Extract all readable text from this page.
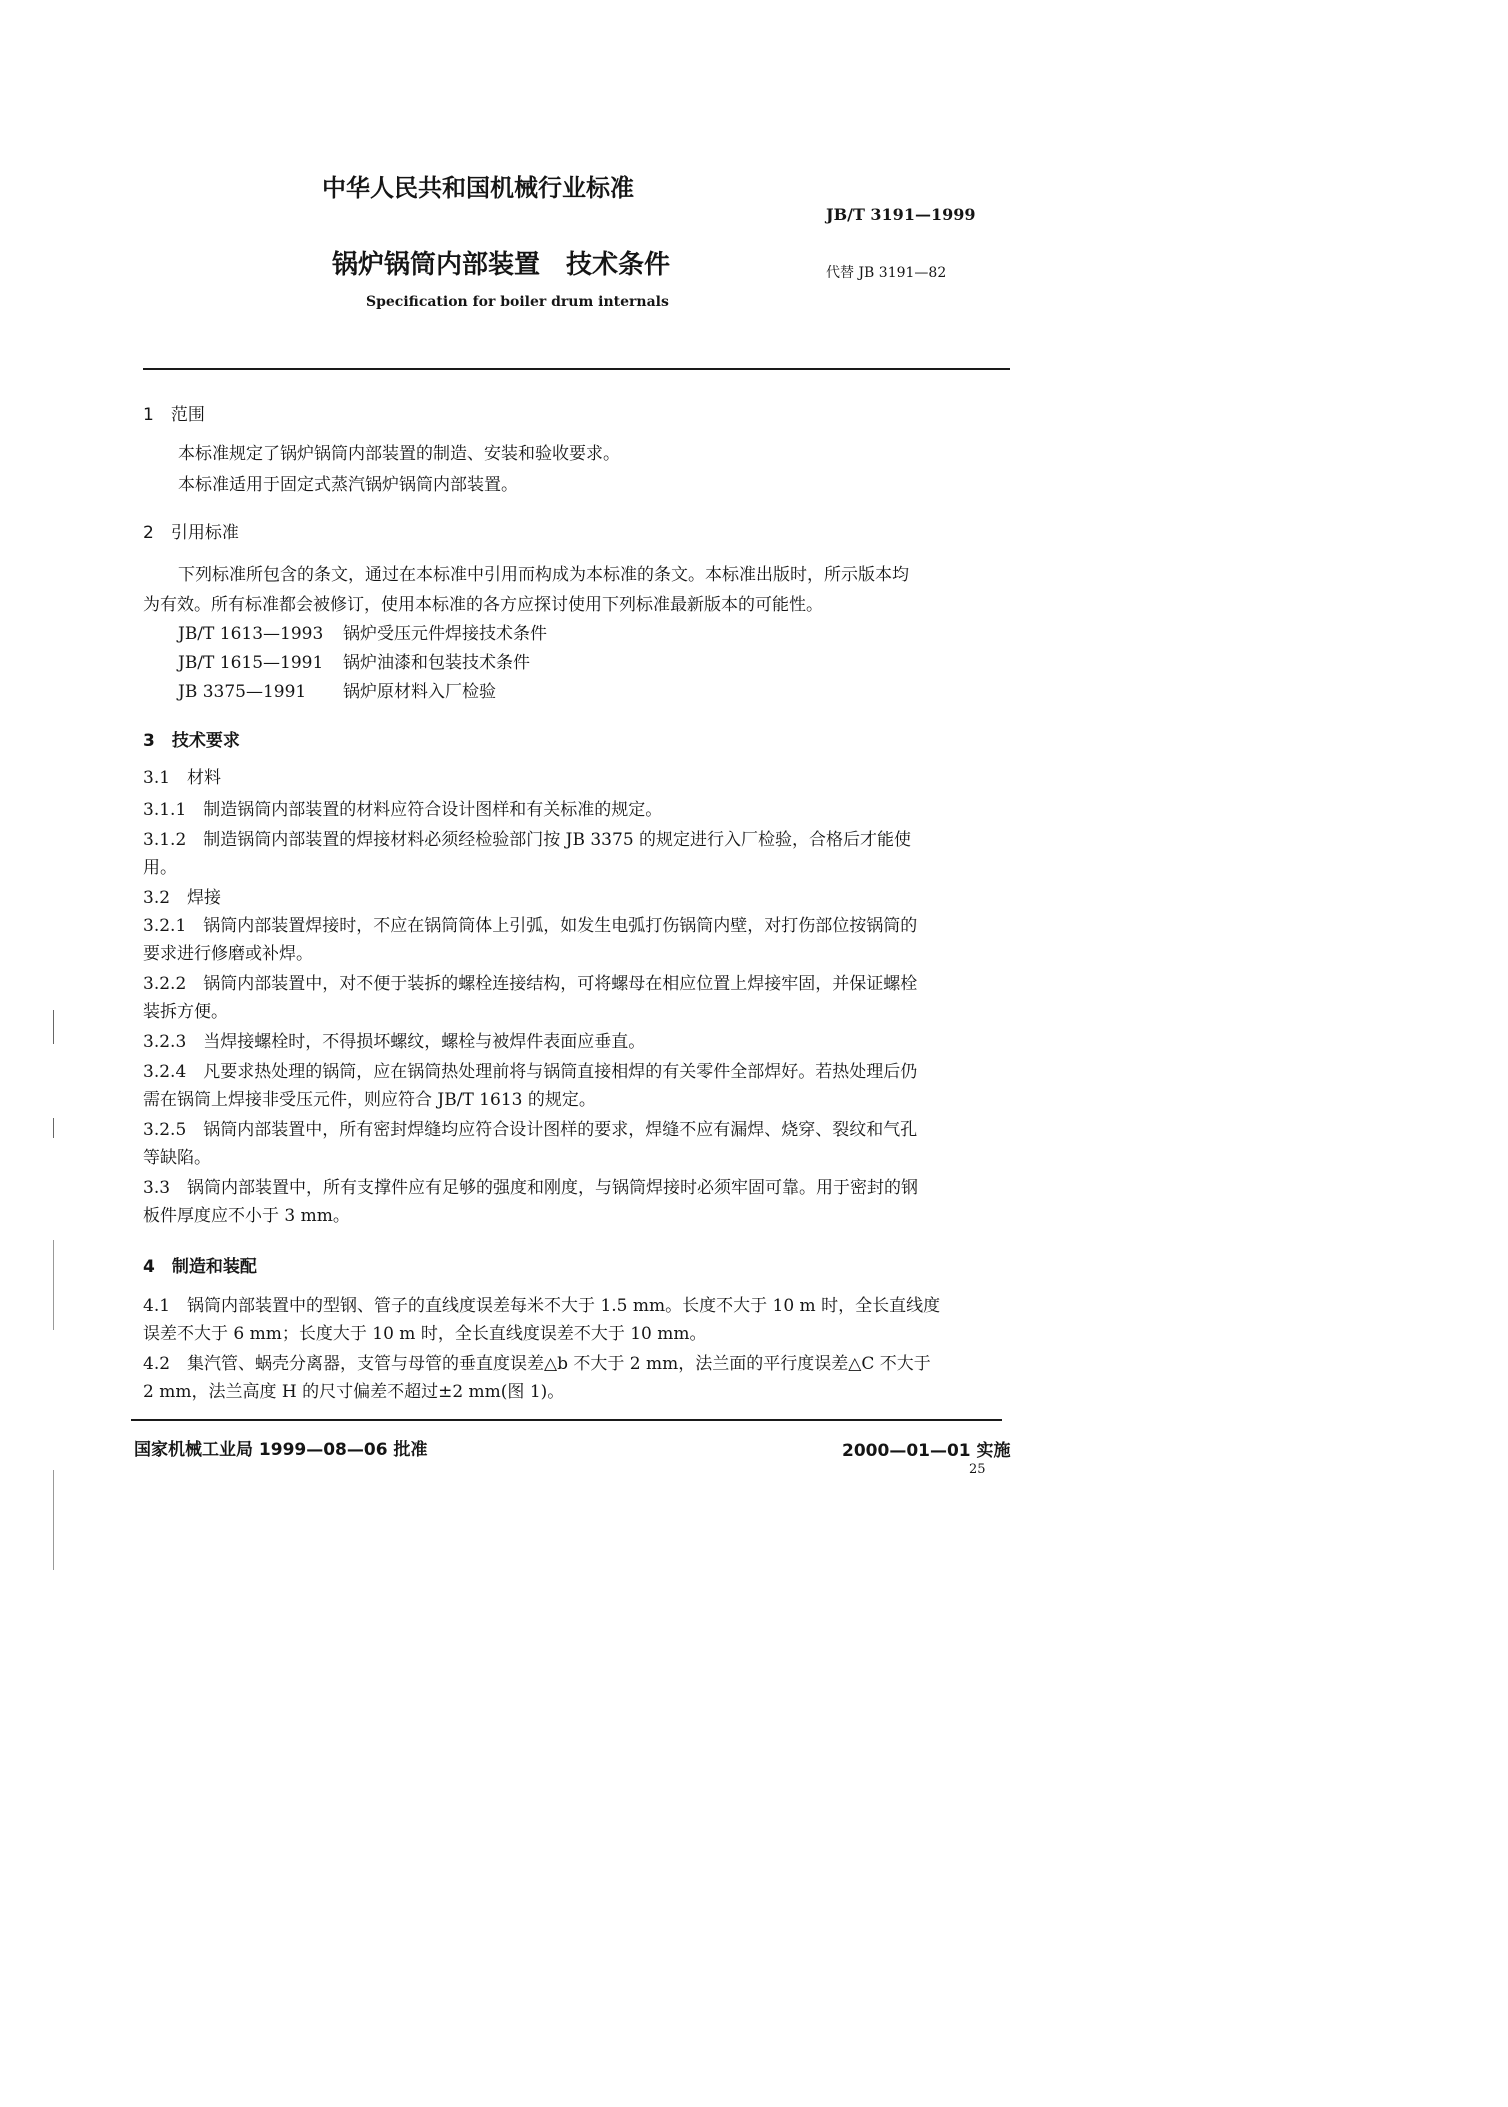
中华人民共和国机械行业标准
JB/T 3191—1999
锅炉锅筒内部装置　技术条件	代替 JB 3191—82
Specification for boiler drum internals
1　范围
本标准规定了锅炉锅筒内部装置的制造、安装和验收要求。
本标准适用于固定式蒸汽锅炉锅筒内部装置。
2　引用标准
下列标准所包含的条文，通过在本标准中引用而构成为本标准的条文。本标准出版时，所示版本均
为有效。所有标准都会被修订，使用本标准的各方应探讨使用下列标准最新版本的可能性。
JB/T 1613—1993 锅炉受压元件焊接技术条件
JB/T 1615—1991 锅炉油漆和包装技术条件
JB 3375—1991 锅炉原材料入厂检验
3　技术要求
3.1　材料
3.1.1　制造锅筒内部装置的材料应符合设计图样和有关标准的规定。
3.1.2　制造锅筒内部装置的焊接材料必须经检验部门按 JB 3375 的规定进行入厂检验，合格后才能使
用。
3.2　焊接
3.2.1　锅筒内部装置焊接时，不应在锅筒筒体上引弧，如发生电弧打伤锅筒内壁，对打伤部位按锅筒的
要求进行修磨或补焊。
3.2.2　锅筒内部装置中，对不便于装拆的螺栓连接结构，可将螺母在相应位置上焊接牢固，并保证螺栓
装拆方便。
3.2.3　当焊接螺栓时，不得损坏螺纹，螺栓与被焊件表面应垂直。
3.2.4　凡要求热处理的锅筒，应在锅筒热处理前将与锅筒直接相焊的有关零件全部焊好。若热处理后仍
需在锅筒上焊接非受压元件，则应符合 JB/T 1613 的规定。
3.2.5　锅筒内部装置中，所有密封焊缝均应符合设计图样的要求，焊缝不应有漏焊、烧穿、裂纹和气孔
等缺陷。
3.3　锅筒内部装置中，所有支撑件应有足够的强度和刚度，与锅筒焊接时必须牢固可靠。用于密封的钢
板件厚度应不小于 3 mm。
4　制造和装配
4.1　锅筒内部装置中的型钢、管子的直线度误差每米不大于 1.5 mm。长度不大于 10 m 时，全长直线度
误差不大于 6 mm；长度大于 10 m 时，全长直线度误差不大于 10 mm。
4.2　集汽管、蜗壳分离器，支管与母管的垂直度误差△b 不大于 2 mm，法兰面的平行度误差△C 不大于
2 mm，法兰高度 H 的尺寸偏差不超过±2 mm(图 1)。
国家机械工业局 1999—08—06 批准	2000—01—01 实施
25
